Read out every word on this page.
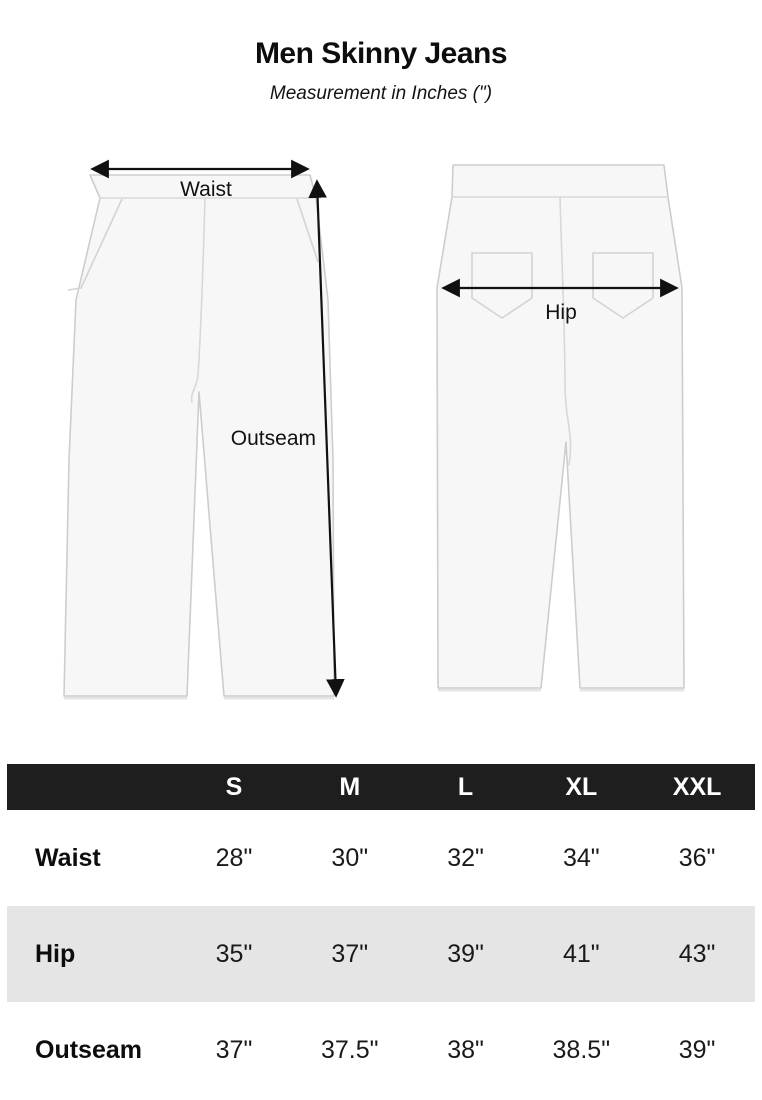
Men Skinny Jeans
Measurement in Inches (")
Waist
Outseam
Hip
	S	M	L	XL	XXL
Waist	28"	30"	32"	34"	36"
Hip	35"	37"	39"	41"	43"
Outseam	37"	37.5"	38"	38.5"	39"
